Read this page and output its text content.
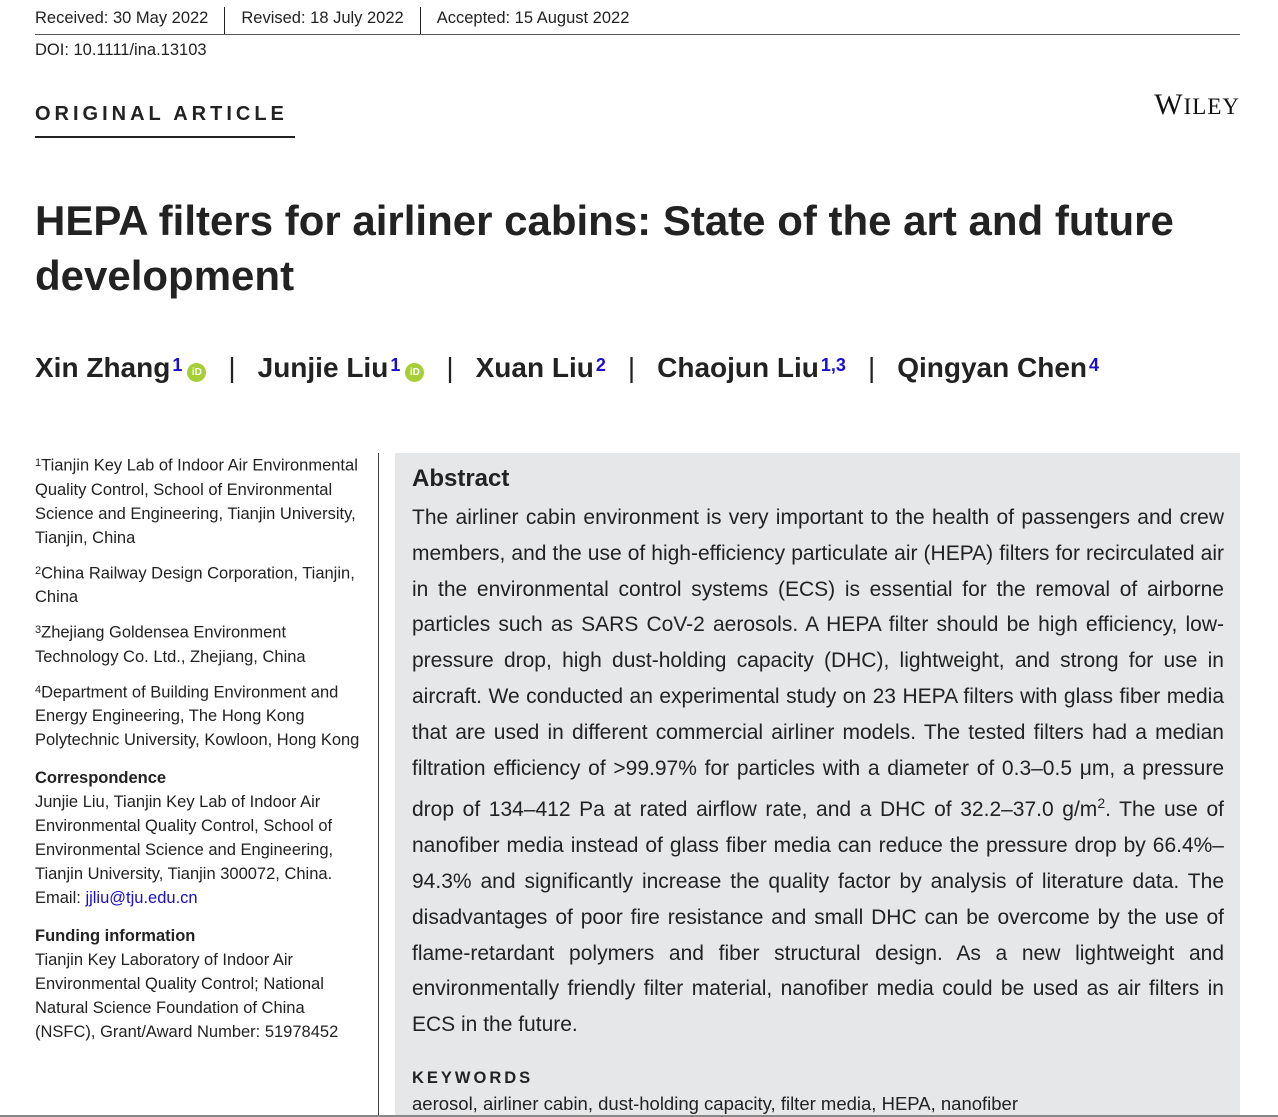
Received: 30 May 2022	Revised: 18 July 2022	Accepted: 15 August 2022
DOI: 10.1111/ina.13103
ORIGINAL ARTICLE	WILEY
HEPA filters for airliner cabins: State of the art and future development
Xin Zhang$^1$ iD | Junjie Liu$^1$ iD | Xuan Liu$^2$ | Chaojun Liu$^{1,3}$ | Qingyan Chen$^4$
$^1$Tianjin Key Lab of Indoor Air Environmental Quality Control, School of Environmental Science and Engineering, Tianjin University, Tianjin, China
$^2$China Railway Design Corporation, Tianjin, China
$^3$Zhejiang Goldensea Environment Technology Co. Ltd., Zhejiang, China
$^4$Department of Building Environment and Energy Engineering, The Hong Kong Polytechnic University, Kowloon, Hong Kong
Correspondence
Junjie Liu, Tianjin Key Lab of Indoor Air Environmental Quality Control, School of Environmental Science and Engineering, Tianjin University, Tianjin 300072, China.
Email: jjliu@tju.edu.cn
Funding information
Tianjin Key Laboratory of Indoor Air Environmental Quality Control; National Natural Science Foundation of China (NSFC), Grant/Award Number: 51978452
Abstract

The airliner cabin environment is very important to the health of passengers and crew members, and the use of high-efficiency particulate air (HEPA) filters for recirculated air in the environmental control systems (ECS) is essential for the removal of airborne particles such as SARS CoV-2 aerosols. A HEPA filter should be high efficiency, low-pressure drop, high dust-holding capacity (DHC), lightweight, and strong for use in aircraft. We conducted an experimental study on 23 HEPA filters with glass fiber media that are used in different commercial airliner models. The tested filters had a median filtration efficiency of >99.97% for particles with a diameter of 0.3–0.5 μm, a pressure drop of 134–412 Pa at rated airflow rate, and a DHC of 32.2–37.0 $g/m^2$. The use of nanofiber media instead of glass fiber media can reduce the pressure drop by 66.4%–94.3% and significantly increase the quality factor by analysis of literature data. The disadvantages of poor fire resistance and small DHC can be overcome by the use of flame-retardant polymers and fiber structural design. As a new lightweight and environmentally friendly filter material, nanofiber media could be used as air filters in ECS in the future.

KEYWORDS
aerosol, airliner cabin, dust-holding capacity, filter media, HEPA, nanofiber
